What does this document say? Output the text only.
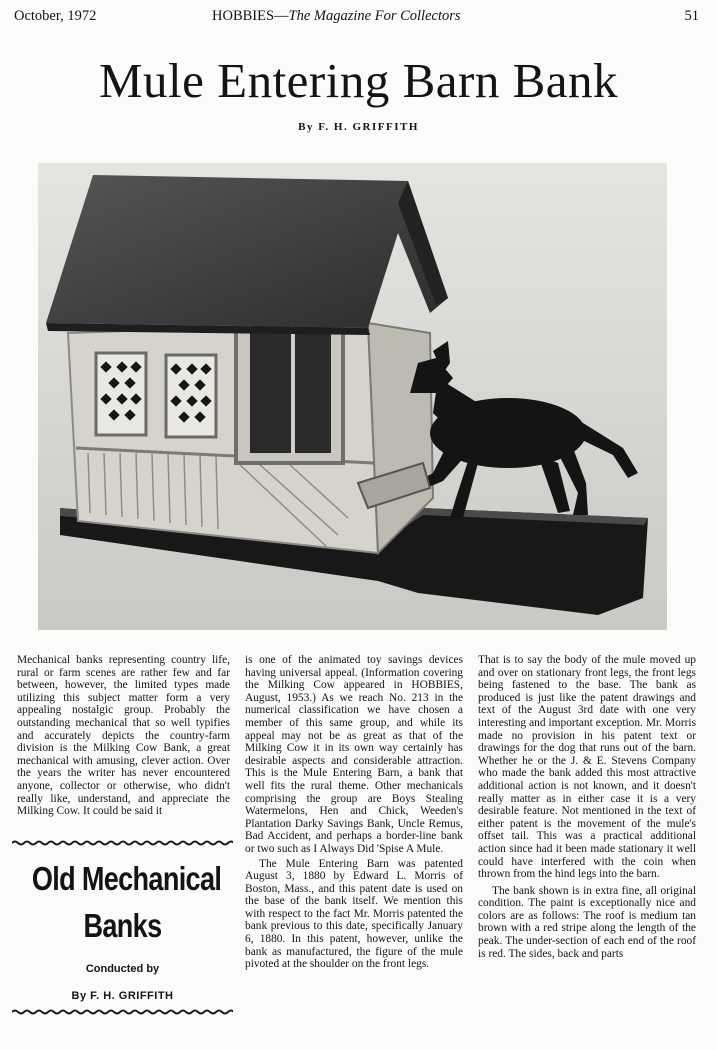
October, 1972	HOBBIES—The Magazine For Collectors	51
Mule Entering Barn Bank
By F. H. GRIFFITH

Mechanical banks representing country life, rural or farm scenes are rather few and far between, however, the limited types made utilizing this subject matter form a very appealing nostalgic group. Probably the outstanding mechanical that so well typifies and accurately depicts the country-farm division is the Milking Cow Bank, a great mechanical with amusing, clever action. Over the years the writer has never encountered anyone, collector or otherwise, who didn't really like, understand, and appreciate the Milking Cow. It could be said it

Old Mechanical
Banks
Conducted by
By F. H. GRIFFITH

is one of the animated toy savings devices having universal appeal. (Information covering the Milking Cow appeared in HOBBIES, August, 1953.) As we reach No. 213 in the numerical classification we have chosen a member of this same group, and while its appeal may not be as great as that of the Milking Cow it in its own way certainly has desirable aspects and considerable attraction. This is the Mule Entering Barn, a bank that well fits the rural theme. Other mechanicals comprising the group are Boys Stealing Watermelons, Hen and Chick, Weeden's Plantation Darky Savings Bank, Uncle Remus, Bad Accident, and perhaps a border-line bank or two such as I Always Did 'Spise A Mule.

The Mule Entering Barn was patented August 3, 1880 by Edward L. Morris of Boston, Mass., and this patent date is used on the base of the bank itself. We mention this with respect to the fact Mr. Morris patented the bank previous to this date, specifically January 6, 1880. In this patent, however, unlike the bank as manufactured, the figure of the mule pivoted at the shoulder on the front legs.

That is to say the body of the mule moved up and over on stationary front legs, the front legs being fastened to the base. The bank as produced is just like the patent drawings and text of the August 3rd date with one very interesting and important exception. Mr. Morris made no provision in his patent text or drawings for the dog that runs out of the barn. Whether he or the J. & E. Stevens Company who made the bank added this most attractive additional action is not known, and it doesn't really matter as in either case it is a very desirable feature. Not mentioned in the text of either patent is the movement of the mule's offset tail. This was a practical additional action since had it been made stationary it well could have interfered with the coin when thrown from the hind legs into the barn.

The bank shown is in extra fine, all original condition. The paint is exceptionally nice and colors are as follows: The roof is medium tan brown with a red stripe along the length of the peak. The under-section of each end of the roof is red. The sides, back and parts
